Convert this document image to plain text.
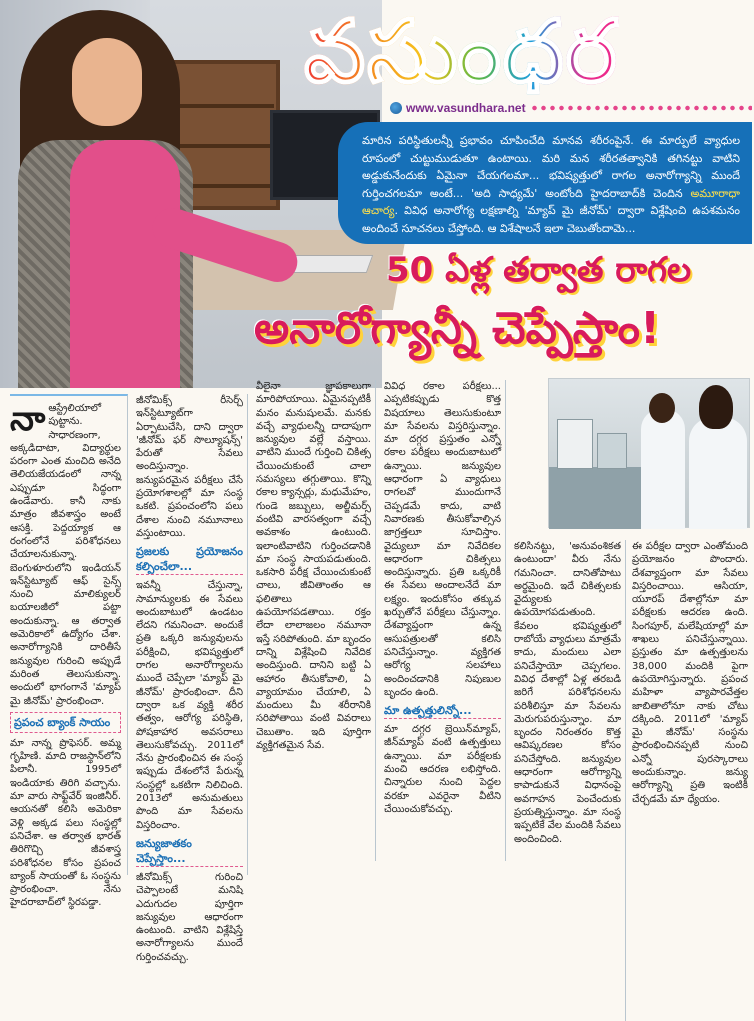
వసుంధర
www.vasundhara.net
మారిన పరిస్థితులన్నీ ప్రభావం చూపించేది మానవ శరీరంపైనే. ఈ మార్పులే వ్యాధుల రూపంలో చుట్టుముడుతూ ఉంటాయి. మరి మన శరీరతత్వానికి తగినట్టు వాటిని అడ్డుకునేందుకు ఏమైనా చేయగలమా... భవిష్యత్తులో రాగల అనారోగ్యాన్ని ముందే గుర్తించగలమా అంటే... 'అది సాధ్యమే' అంటోంది హైదరాబాద్‌కి చెందిన అమూరాధా ఆచార్య. వివిధ అనారోగ్య లక్షణాల్ని 'మ్యాప్ మై జీనోమ్' ద్వారా విశ్లేషించి ఉపశమనం అందించే సూచనలు చేస్తోంది. ఆ విశేషాలనే ఇలా చెబుతోందామె...
50 ఏళ్ల తర్వాత రాగల
అనారోగ్యాన్నీ చెప్పేస్తాం!

నాఆస్ట్రేలియాలో పుట్టాను. సాధారణంగా, అక్కడిదాటా, విద్యార్థుల పరంగా ఎంత మంచిది అనేది తెలియజేయడంలో నాన్న ఎప్పుడూ సిద్ధంగా ఉండేవారు. కానీ నాకు మాత్రం జీవశాస్త్రం అంటే ఆసక్తి. పెద్దయ్యాక ఆ రంగంలోనే పరిశోధనలు చేయాలనుకున్నా. బెంగుళూరులోని ఇండియన్ ఇన్‌స్టిట్యూట్ ఆఫ్ సైన్స్ నుంచి మాలిక్యులర్ బయాలజీలో పట్టా అందుకున్నా. ఆ తర్వాత అమెరికాలో ఉద్యోగం చేశా. అనారోగ్యానికి దారితీసే జన్యువుల గురించి అప్పుడే మరింత తెలుసుకున్నా. అందులో భాగంగానే 'మ్యాప్ మై జీనోమ్' ప్రారంభించా.

ప్రపంచ బ్యాంక్ సాయం

మా నాన్న ప్రొఫెసర్. అమ్మ గృహిణి. మాది రాజస్థాన్‌లోని పిలానీ. 1995లో ఇండియాకు తిరిగి వచ్చాను. మా వారు సాఫ్ట్‌వేర్ ఇంజినీర్. ఆయనతో కలిసి అమెరికా వెళ్లి అక్కడ పలు సంస్థల్లో పనిచేశా. ఆ తర్వాత భారత్ తిరిగొచ్చి జీవశాస్త్ర పరిశోధనల కోసం ప్రపంచ బ్యాంక్ సాయంతో ఓ సంస్థను ప్రారంభించా. నేను హైదరాబాద్‌లో స్థిరపడ్డా.

జీనోమిక్స్ రీసెర్చ్ ఇన్‌స్టిట్యూట్‌గా ఏర్పాటుచేసి, దాని ద్వారా 'జీనోమ్ ఫర్ సొల్యూషన్స్' పేరుతో సేవలు అందిస్తున్నాం. జన్యుపరమైన పరీక్షలు చేసే ప్రయోగశాలల్లో మా సంస్థ ఒకటి. ప్రపంచంలోని పలు దేశాల నుంచి నమూనాలు వస్తుంటాయి.

ప్రజలకు ప్రయోజనం కల్పించేలా...

ఇవన్నీ చేస్తున్నా, సామాన్యులకు ఈ సేవలు అందుబాటులో ఉండటం లేదని గమనించా. అందుకే ప్రతి ఒక్కరి జన్యువులను పరీక్షించి, భవిష్యత్తులో రాగల అనారోగ్యాలను ముందే చెప్పేలా 'మ్యాప్ మై జీనోమ్' ప్రారంభించా. దీని ద్వారా ఒక వ్యక్తి శరీర తత్వం, ఆరోగ్య పరిస్థితి, పోషకాహార అవసరాలు తెలుసుకోవచ్చు. 2011లో నేను ప్రారంభించిన ఈ సంస్థ ఇప్పుడు దేశంలోనే పేరున్న సంస్థల్లో ఒకటిగా నిలిచింది. 2013లో అనుమతులు పొంది మా సేవలను విస్తరించాం.

జన్యుజాతకం చెప్పేస్తాం...

జీనోమిక్స్ గురించి చెప్పాలంటే మనిషి ఎదుగుదల పూర్తిగా జన్యువుల ఆధారంగా ఉంటుంది. వాటిని విశ్లేషిస్తే అనారోగ్యాలను ముందే గుర్తించవచ్చు.

వీలైనా జ్ఞాపకాలుగా మారిపోయాయి. ఏమైనప్పటికీ మనం మనుషులమే. మనకు వచ్చే వ్యాధులన్నీ దాదాపుగా జన్యువుల వల్లే వస్తాయి. వాటిని ముందే గుర్తించి చికిత్స చేయించుకుంటే చాలా సమస్యలు తగ్గుతాయి. కొన్ని రకాల క్యాన్సర్లు, మధుమేహం, గుండె జబ్బులు, అల్జీమర్స్ వంటివి వారసత్వంగా వచ్చే అవకాశం ఉంటుంది. ఇలాంటివాటిని గుర్తించడానికి మా సంస్థ సాయపడుతుంది. ఒకసారి పరీక్ష చేయించుకుంటే చాలు, జీవితాంతం ఆ ఫలితాలు ఉపయోగపడతాయి. రక్తం లేదా లాలాజలం నమూనా ఇస్తే సరిపోతుంది. మా బృందం దాన్ని విశ్లేషించి నివేదిక అందిస్తుంది. దానిని బట్టి ఏ ఆహారం తీసుకోవాలి, ఏ వ్యాయామం చేయాలి, ఏ మందులు మీ శరీరానికి సరిపోతాయి వంటి వివరాలు చెబుతాం. ఇది పూర్తిగా వ్యక్తిగతమైన సేవ.

వివిధ రకాల పరీక్షలు... ఎప్పటికప్పుడు కొత్త విషయాలు తెలుసుకుంటూ మా సేవలను విస్తరిస్తున్నాం. మా దగ్గర ప్రస్తుతం ఎన్నో రకాల పరీక్షలు అందుబాటులో ఉన్నాయి. జన్యువుల ఆధారంగా ఏ వ్యాధులు రాగలవో ముందుగానే చెప్పడమే కాదు, వాటి నివారణకు తీసుకోవాల్సిన జాగ్రత్తలూ సూచిస్తాం. వైద్యులూ మా నివేదికల ఆధారంగా చికిత్సలు అందిస్తున్నారు. ప్రతి ఒక్కరికీ ఈ సేవలు అందాలనేదే మా లక్ష్యం. ఇందుకోసం తక్కువ ఖర్చుతోనే పరీక్షలు చేస్తున్నాం. దేశవ్యాప్తంగా ఉన్న ఆసుపత్రులతో కలిసి పనిచేస్తున్నాం. వ్యక్తిగత ఆరోగ్య సలహాలు అందించడానికి నిపుణుల బృందం ఉంది.

మా ఉత్పత్తులిన్నో...

మా దగ్గర బ్రెయిన్‌మ్యాప్, జీన్‌మ్యాప్ వంటి ఉత్పత్తులు ఉన్నాయి. మా పరీక్షలకు మంచి ఆదరణ లభిస్తోంది. చిన్నారుల నుంచి పెద్దల వరకూ ఎవరైనా వీటిని చేయించుకోవచ్చు.

కలిసినట్టు, 'అనువంశికత ఉంటుందా' వీరు నేను గమనించా. దానితోపాటు అర్థమైంది. ఇదే చికిత్సలకు వైద్యులకు ఉపయోగపడుతుంది. కేవలం భవిష్యత్తులో రాబోయే వ్యాధులు మాత్రమే కాదు, మందులు ఎలా పనిచేస్తాయో చెప్పగలం. వివిధ దేశాల్లో ఏళ్ల తరబడి జరిగే పరిశోధనలను పరిశీలిస్తూ మా సేవలను మెరుగుపరుస్తున్నాం. మా బృందం నిరంతరం కొత్త ఆవిష్కరణల కోసం పనిచేస్తోంది. జన్యువుల ఆధారంగా ఆరోగ్యాన్ని కాపాడుకునే విధానంపై అవగాహన పెంచేందుకు ప్రయత్నిస్తున్నాం. మా సంస్థ ఇప్పటికే వేల మందికి సేవలు అందించింది.

ఈ పరీక్షల ద్వారా ఎంతోమంది ప్రయోజనం పొందారు. దేశవ్యాప్తంగా మా సేవలు విస్తరించాయి. ఆసియా, యూరప్ దేశాల్లోనూ మా పరీక్షలకు ఆదరణ ఉంది. సింగపూర్, మలేషియాల్లో మా శాఖలు పనిచేస్తున్నాయి. ప్రస్తుతం మా ఉత్పత్తులను 38,000 మందికి పైగా ఉపయోగిస్తున్నారు. ప్రపంచ మహిళా వ్యాపారవేత్తల జాబితాలోనూ నాకు చోటు దక్కింది. 2011లో 'మ్యాప్ మై జీనోమ్' సంస్థను ప్రారంభించినప్పటి నుంచి ఎన్నో పురస్కారాలు అందుకున్నాం. జన్యు ఆరోగ్యాన్ని ప్రతి ఇంటికీ చేర్చడమే మా ధ్యేయం.
